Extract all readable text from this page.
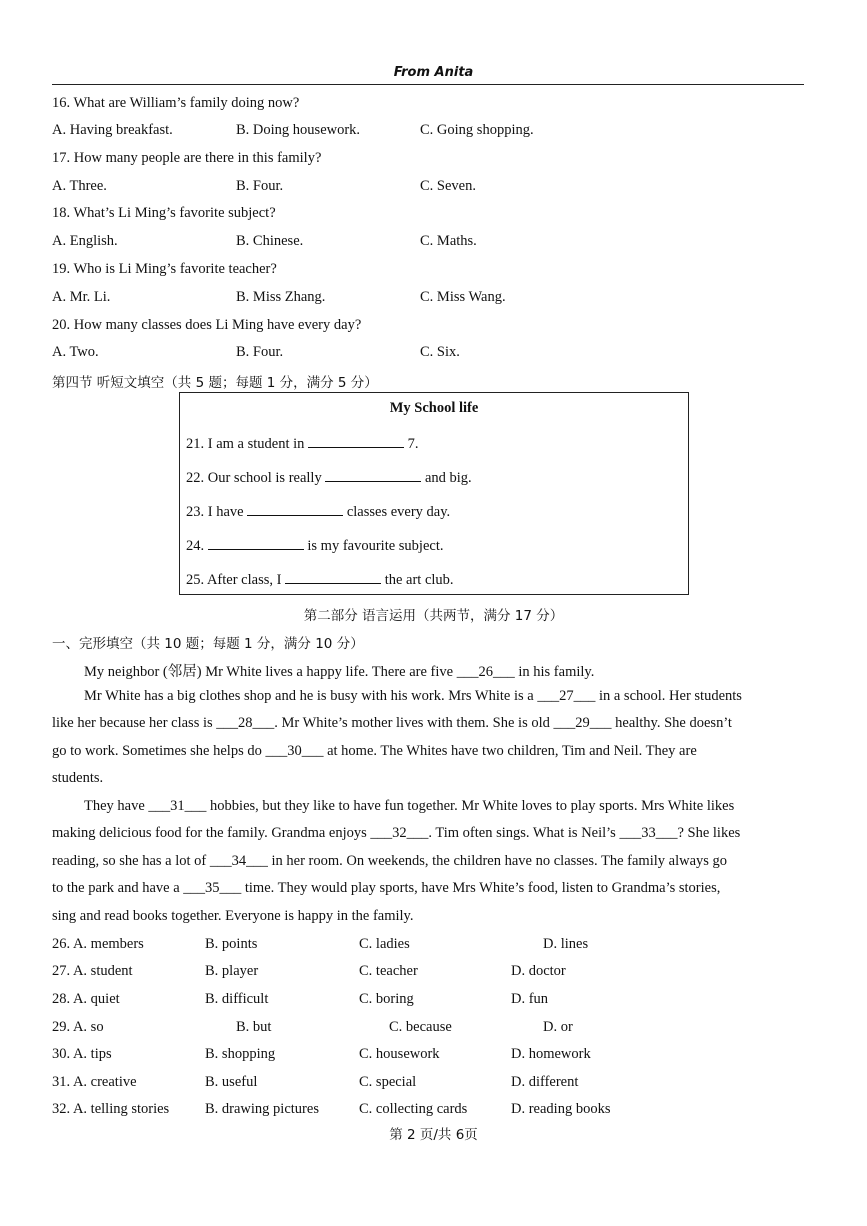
From Anita
16. What are William’s family doing now?
A. Having breakfast.	B. Doing housework.	C. Going shopping.
17. How many people are there in this family?
A. Three.	B. Four.	C. Seven.
18. What’s Li Ming’s favorite subject?
A. English.	B. Chinese.	C. Maths.
19. Who is Li Ming’s favorite teacher?
A. Mr. Li.	B. Miss Zhang.	C. Miss Wang.
20. How many classes does Li Ming have every day?
A. Two.	B. Four.	C. Six.
第四节 听短文填空（共 5 题；每题 1 分，满分 5 分）
My School life
21. I am a student in	7.
22. Our school is really	and big.
23. I have	classes every day.
24.	is my favourite subject.
25. After class, I	the art club.
第二部分 语言运用（共两节，满分 17 分）
一、完形填空（共 10 题；每题 1 分，满分 10 分）
My neighbor (邻居) Mr White lives a happy life. There are five ___26___ in his family.
Mr White has a big clothes shop and he is busy with his work. Mrs White is a ___27___ in a school. Her students
like her because her class is ___28___. Mr White’s mother lives with them. She is old ___29___ healthy. She doesn’t
go to work. Sometimes she helps do ___30___ at home. The Whites have two children, Tim and Neil. They are
students.
They have ___31___ hobbies, but they like to have fun together. Mr White loves to play sports. Mrs White likes
making delicious food for the family. Grandma enjoys ___32___. Tim often sings. What is Neil’s ___33___? She likes
reading, so she has a lot of ___34___ in her room. On weekends, the children have no classes. The family always go
to the park and have a ___35___ time. They would play sports, have Mrs White’s food, listen to Grandma’s stories,
sing and read books together. Everyone is happy in the family.
26. A. members	B. points	C. ladies	D. lines
27. A. student	B. player	C. teacher	D. doctor
28. A. quiet	B. difficult	C. boring	D. fun
29. A. so	B. but	C. because	D. or
30. A. tips	B. shopping	C. housework	D. homework
31. A. creative	B. useful	C. special	D. different
32. A. telling stories B. drawing pictures	C. collecting cards	D. reading books
第 2 页/共 6页
